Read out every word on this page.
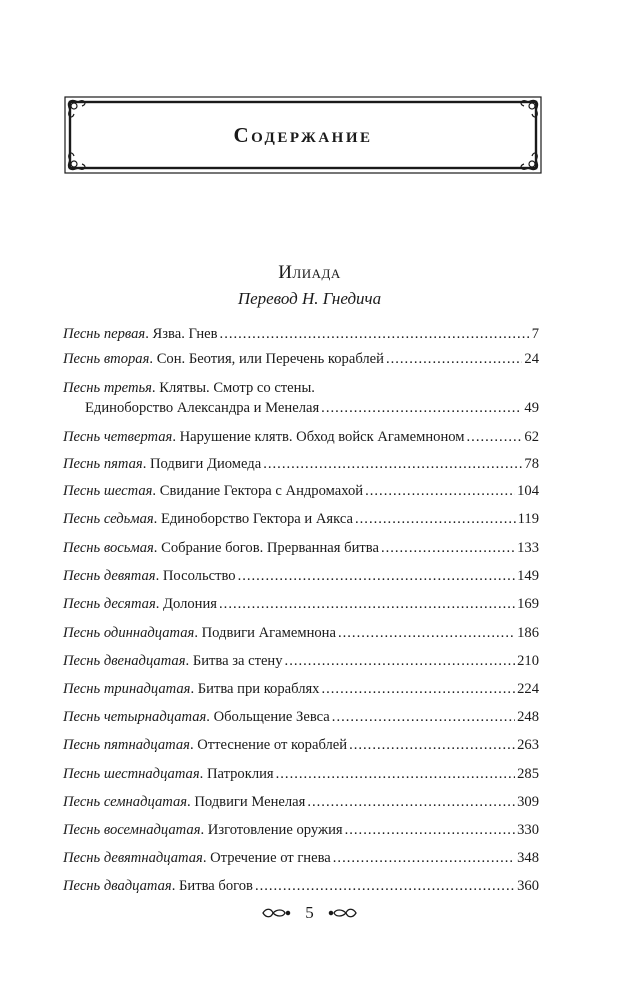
Содержание
Илиада
Перевод Н. Гнедича
Песнь первая. Язва. Гнев .....	7
Песнь вторая. Сон. Беотия, или Перечень кораблей .....	24
Песнь третья. Клятвы. Смотр со стены.
Единоборство Александра и Менелая .....	49
Песнь четвертая. Нарушение клятв. Обход войск Агамемноном .....	62
Песнь пятая. Подвиги Диомеда .....	78
Песнь шестая. Свидание Гектора с Андромахой .....	104
Песнь седьмая. Единоборство Гектора и Аякса .....	119
Песнь восьмая. Собрание богов. Прерванная битва .....	133
Песнь девятая. Посольство .....	149
Песнь десятая. Долония .....	169
Песнь одиннадцатая. Подвиги Агамемнона .....	186
Песнь двенадцатая. Битва за стену .....	210
Песнь тринадцатая. Битва при кораблях .....	224
Песнь четырнадцатая. Обольщение Зевса .....	248
Песнь пятнадцатая. Оттеснение от кораблей .....	263
Песнь шестнадцатая. Патроклия .....	285
Песнь семнадцатая. Подвиги Менелая .....	309
Песнь восемнадцатая. Изготовление оружия .....	330
Песнь девятнадцатая. Отречение от гнева .....	348
Песнь двадцатая. Битва богов .....	360
5
